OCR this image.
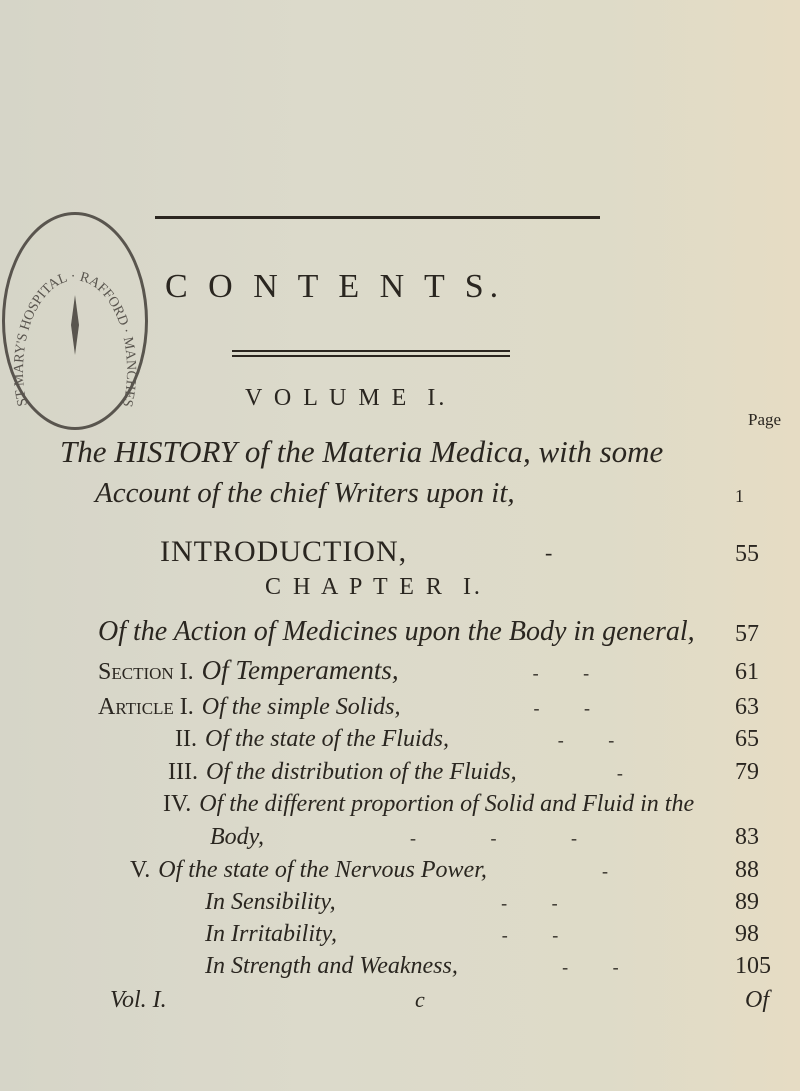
ST MARY'S HOSPITAL · RAFFORD · MANCHES
C O N T E N T S.
V O L U M E  I.
Page
The HISTORY of the Materia Medica, with some
Account of the chief Writers upon it,	1
INTRODUCTION,	-	55
C H A P T E R  I.
Of the Action of Medicines upon the Body in general, 57
Section I. Of Temperaments,	- -	61
Article I. Of the simple Solids,	- -	63
II. Of the state of the Fluids,	- -	65
III. Of the distribution of the Fluids,	-	79
IV. Of the different proportion of Solid and Fluid in the
Body,	- - -	83
V. Of the state of the Nervous Power,	-	88
In Sensibility,	- -	89
In Irritability,	- -	98
In Strength and Weakness,	- -	105
Vol. I.	c	Of
